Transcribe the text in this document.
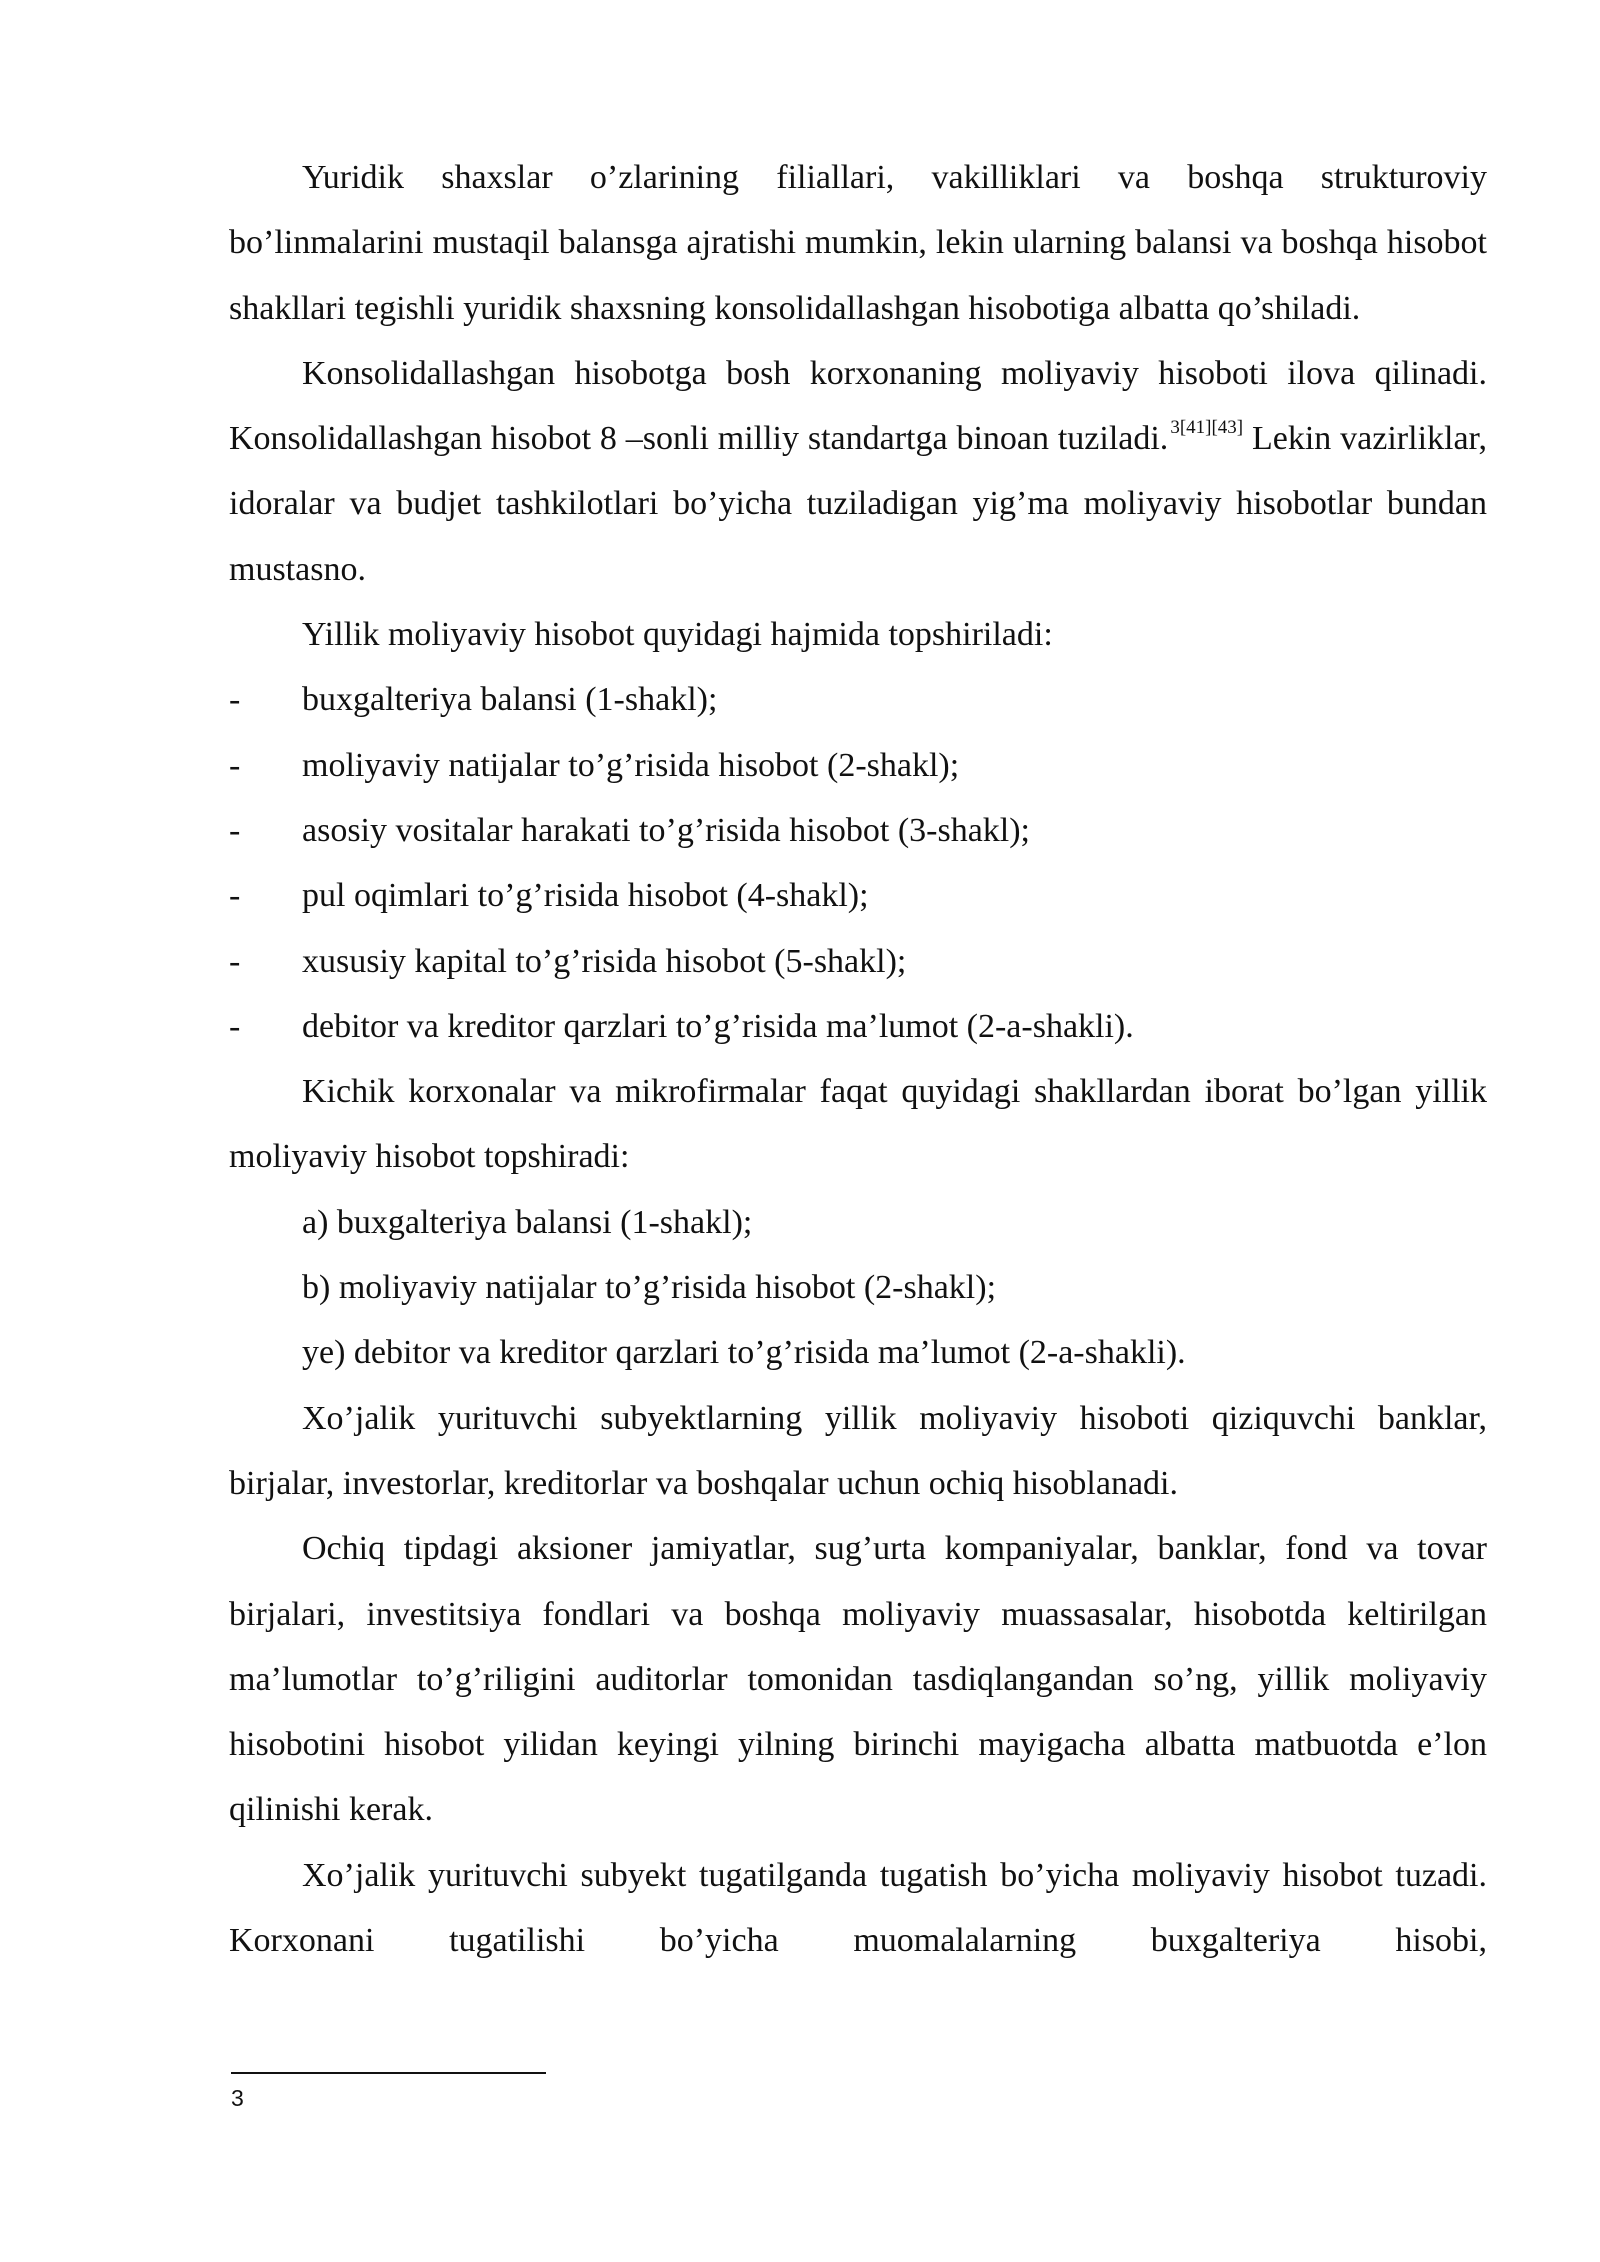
Yuridik shaxslar o’zlarining filiallari, vakilliklari va boshqa strukturoviy bo’linmalarini mustaqil balansga ajratishi mumkin, lekin ularning balansi va boshqa hisobot shakllari tegishli yuridik shaxsning konsolidallashgan hisobotiga albatta qo’shiladi.

Konsolidallashgan hisobotga bosh korxonaning moliyaviy hisoboti ilova qilinadi. Konsolidallashgan hisobot 8 –sonli milliy standartga binoan tuziladi. $^{3[41][43]}$ Lekin vazirliklar, idoralar va budjet tashkilotlari bo’yicha tuziladigan yig’ma moliyaviy hisobotlar bundan mustasno.

Yillik moliyaviy hisobot quyidagi hajmida topshiriladi:

- buxgalteriya balansi (1-shakl);
- moliyaviy natijalar to’g’risida hisobot (2-shakl);
- asosiy vositalar harakati to’g’risida hisobot (3-shakl);
- pul oqimlari to’g’risida hisobot (4-shakl);
- xususiy kapital to’g’risida hisobot (5-shakl);
- debitor va kreditor qarzlari to’g’risida ma’lumot (2-a-shakli).

Kichik korxonalar va mikrofirmalar faqat quyidagi shakllardan iborat bo’lgan yillik moliyaviy hisobot topshiradi:

a) buxgalteriya balansi (1-shakl);

b) moliyaviy natijalar to’g’risida hisobot (2-shakl);

ye) debitor va kreditor qarzlari to’g’risida ma’lumot (2-a-shakli).

Xo’jalik yurituvchi subyektlarning yillik moliyaviy hisoboti qiziquvchi banklar, birjalar, investorlar, kreditorlar va boshqalar uchun ochiq hisoblanadi.

Ochiq tipdagi aksioner jamiyatlar, sug’urta kompaniyalar, banklar, fond va tovar birjalari, investitsiya fondlari va boshqa moliyaviy muassasalar, hisobotda keltirilgan ma’lumotlar to’g’riligini auditorlar tomonidan tasdiqlangandan so’ng, yillik moliyaviy hisobotini hisobot yilidan keyingi yilning birinchi mayigacha albatta matbuotda e’lon qilinishi kerak.

Xo’jalik yurituvchi subyekt tugatilganda tugatish bo’yicha moliyaviy hisobot tuzadi. Korxonani tugatilishi bo’yicha muomalalarning buxgalteriya hisobi,

3
